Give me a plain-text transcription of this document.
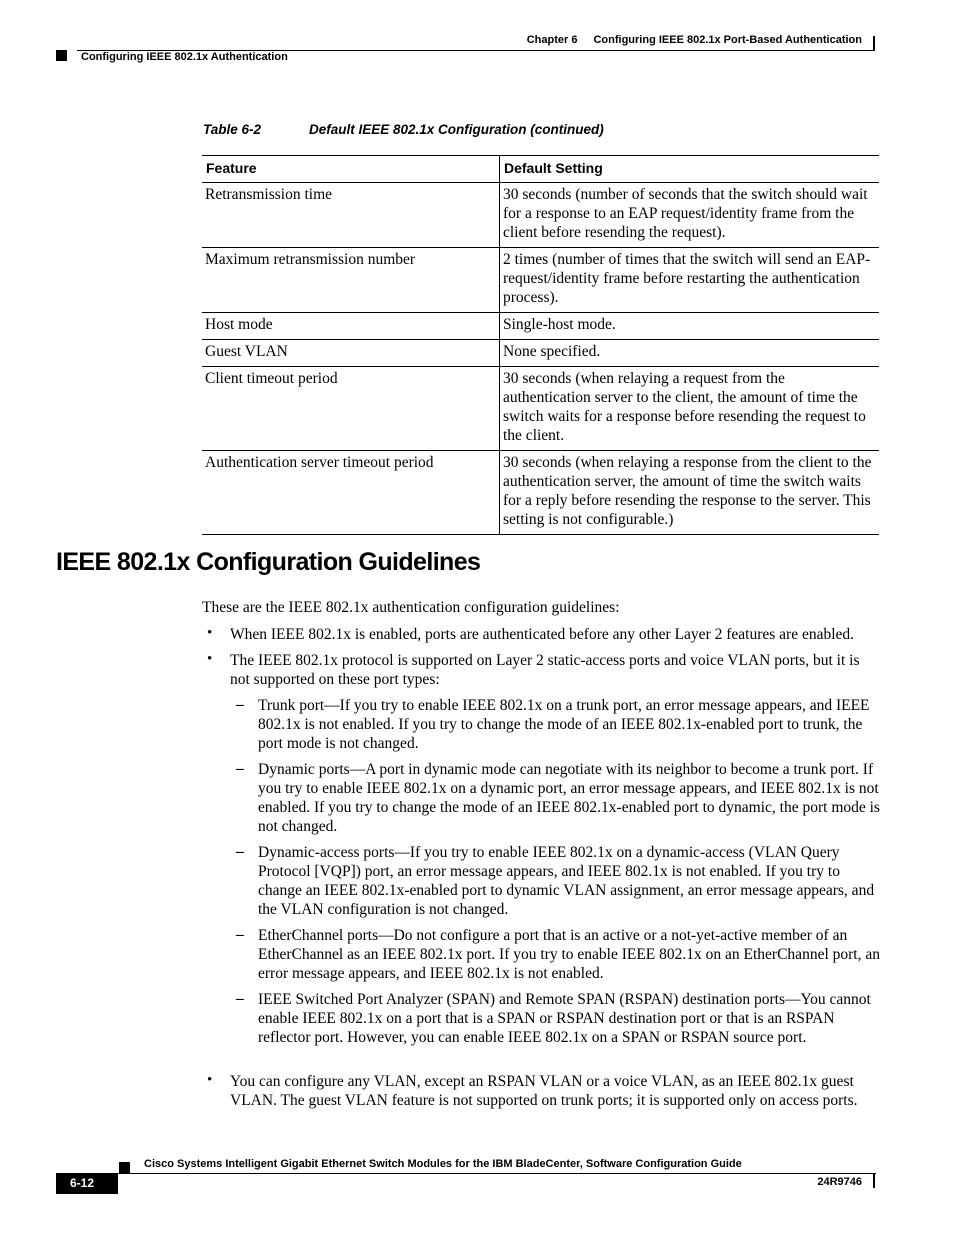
Chapter 6 Configuring IEEE 802.1x Port-Based Authentication
Configuring IEEE 802.1x Authentication
Table 6-2	Default IEEE 802.1x Configuration (continued)
Feature	Default Setting
Retransmission time	30 seconds (number of seconds that the switch should wait for a response to an EAP request/identity frame from the client before resending the request).
Maximum retransmission number	2 times (number of times that the switch will send an EAP-request/identity frame before restarting the authentication process).
Host mode	Single-host mode.
Guest VLAN	None specified.
Client timeout period	30 seconds (when relaying a request from the authentication server to the client, the amount of time the switch waits for a response before resending the request to the client.
Authentication server timeout period	30 seconds (when relaying a response from the client to the authentication server, the amount of time the switch waits for a reply before resending the response to the server. This setting is not configurable.)
IEEE 802.1x Configuration Guidelines
These are the IEEE 802.1x authentication configuration guidelines:
• When IEEE 802.1x is enabled, ports are authenticated before any other Layer 2 features are enabled.
• The IEEE 802.1x protocol is supported on Layer 2 static-access ports and voice VLAN ports, but it is not supported on these port types:
– Trunk port—If you try to enable IEEE 802.1x on a trunk port, an error message appears, and IEEE 802.1x is not enabled. If you try to change the mode of an IEEE 802.1x-enabled port to trunk, the port mode is not changed.
– Dynamic ports—A port in dynamic mode can negotiate with its neighbor to become a trunk port. If you try to enable IEEE 802.1x on a dynamic port, an error message appears, and IEEE 802.1x is not enabled. If you try to change the mode of an IEEE 802.1x-enabled port to dynamic, the port mode is not changed.
– Dynamic-access ports—If you try to enable IEEE 802.1x on a dynamic-access (VLAN Query Protocol [VQP]) port, an error message appears, and IEEE 802.1x is not enabled. If you try to change an IEEE 802.1x-enabled port to dynamic VLAN assignment, an error message appears, and the VLAN configuration is not changed.
– EtherChannel ports—Do not configure a port that is an active or a not-yet-active member of an EtherChannel as an IEEE 802.1x port. If you try to enable IEEE 802.1x on an EtherChannel port, an error message appears, and IEEE 802.1x is not enabled.
– IEEE Switched Port Analyzer (SPAN) and Remote SPAN (RSPAN) destination ports—You cannot enable IEEE 802.1x on a port that is a SPAN or RSPAN destination port or that is an RSPAN reflector port. However, you can enable IEEE 802.1x on a SPAN or RSPAN source port.
• You can configure any VLAN, except an RSPAN VLAN or a voice VLAN, as an IEEE 802.1x guest VLAN. The guest VLAN feature is not supported on trunk ports; it is supported only on access ports.
Cisco Systems Intelligent Gigabit Ethernet Switch Modules for the IBM BladeCenter, Software Configuration Guide
6-12	24R9746
